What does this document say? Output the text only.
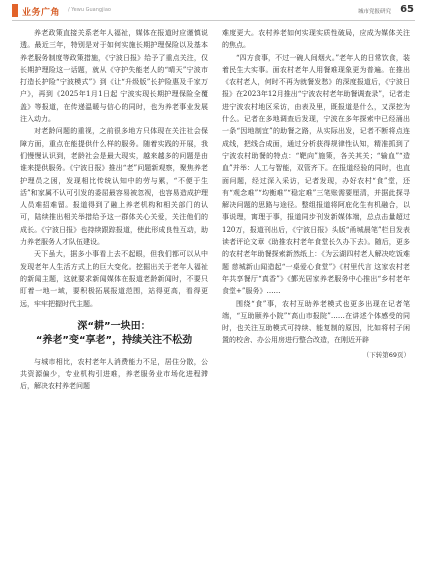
业务广角 / Yewu Guangjiao	城市党报研究 65

养老政策直接关系老年人福祉，媒体在报道时应谨慎说透。最近三年，特别是对于如何实施长期护理保险以及基本养老服务制度等政策措施，《宁波日报》给予了重点关注，仅长期护理险这一话题，就从《守护失能老人的“晴天”宁波市打造长护险“宁波模式”》到《让“升级版”长护险惠及千家万户》，再到《2025年1月1日起 宁波实现长期护理保险全覆盖》等报道，在传递温暖与信心的同时，也为养老事业发展注入动力。

对老龄问题的重视，之前很多地方只体现在关注社会保障方面，重点在能提供什么样的服务。随着实践的开展，我们慢慢认识到，老龄社会是最大现实，越来越多的问题是由谁来提供服务。《宁波日报》推出“老”问题新观察，聚焦养老护理员之困，发现相比传统认知中的劳与累，“不便于生活”和家属不认可引发的委屈最容易被忽视，也容易造成护理人员难招难留。报道得到了融上养老机构和相关部门的认可，陆续推出相关举措给予这一群体关心关爱，关注他们的成长。《宁波日报》也持续跟踪报道，使此形成良性互动，助力养老服务人才队伍建设。

天下虽大，据多小事看上去不起眼，但我们都可以从中发现老年人生活方式上的巨大变化。挖掘出关于老年人福祉的新闻主题，这就要求新闻媒体在报道老龄新闻时，不要只盯着一地一域，要积极拓展报道范围，站得更高，看得更远，牢牢把握时代主题。

深“耕”一块田：
“养老”变“享老”，持续关注不松劲

与城市相比，农村老年人消费能力不足，居住分散，公共资源偏少，专业机构引进难，养老服务业市场化进程滞后，解决农村养老问题

难度更大。农村养老如何实现实质性破局，应成为媒体关注的焦点。

“四方食事，不过一碗人间烟火。”老年人的日常饮食，装着民生大实事。面农村老年人用餐难现象更为普遍。在推出《农村老人，何时不再为就餐发愁》的深度报道后，《宁波日报》在2023年12月推出“宁波农村老年助餐调查录”，记者走进宁波农村地区采访，由表及里，既报道是什么，又深挖为什么。记者在多地调查后发现，宁波在多年探索中已经涌出一条“因地制宜”的助餐之路，从实际出发，记者不断将点连成线，把线合成面，通过分析获得规律性认知，精准抓到了宁波农村助餐的特点：“靶向”施策，各关其关；“输血”“造血”并举：人工与智能，双管齐下。在报道经验的同时，也直面问题，经过深入采访，记者发现，办好农村“食”堂，还有“观念难”“均衡难”“稳定难”三笔账需要厘清，并据此探寻解决问题的思路与途径。整组报道将阿庇化生有机融合，以事说理，寓理于事，报道同步刊发新媒体端，总点击量超过120万，报道刊出后，《宁波日报》头版“甬城晨笔”栏目发表读者评论文章《助推农村老年食堂长久办下去》。随后，更多的农村老年助餐探索新然纸上：《为云湖四村老人解决吃饭难题 慈城新山闻造起“一桌爱心食堂”》《村里代言 这家农村老年共享餐厅“真香”》《鄞光居家养老服务中心推出“乡村老年食堂+”服务》……

围绕“食”事，农村互助养老模式也更多出现在记者笔端，“互助颐养小院”“高山市报院”……在讲述个体感受的同时，也关注互助模式可持续、能复制的原因，比如将村子闲置的校舍、办公用房进行整合改造，在刚近开辟

（下转第69页）
